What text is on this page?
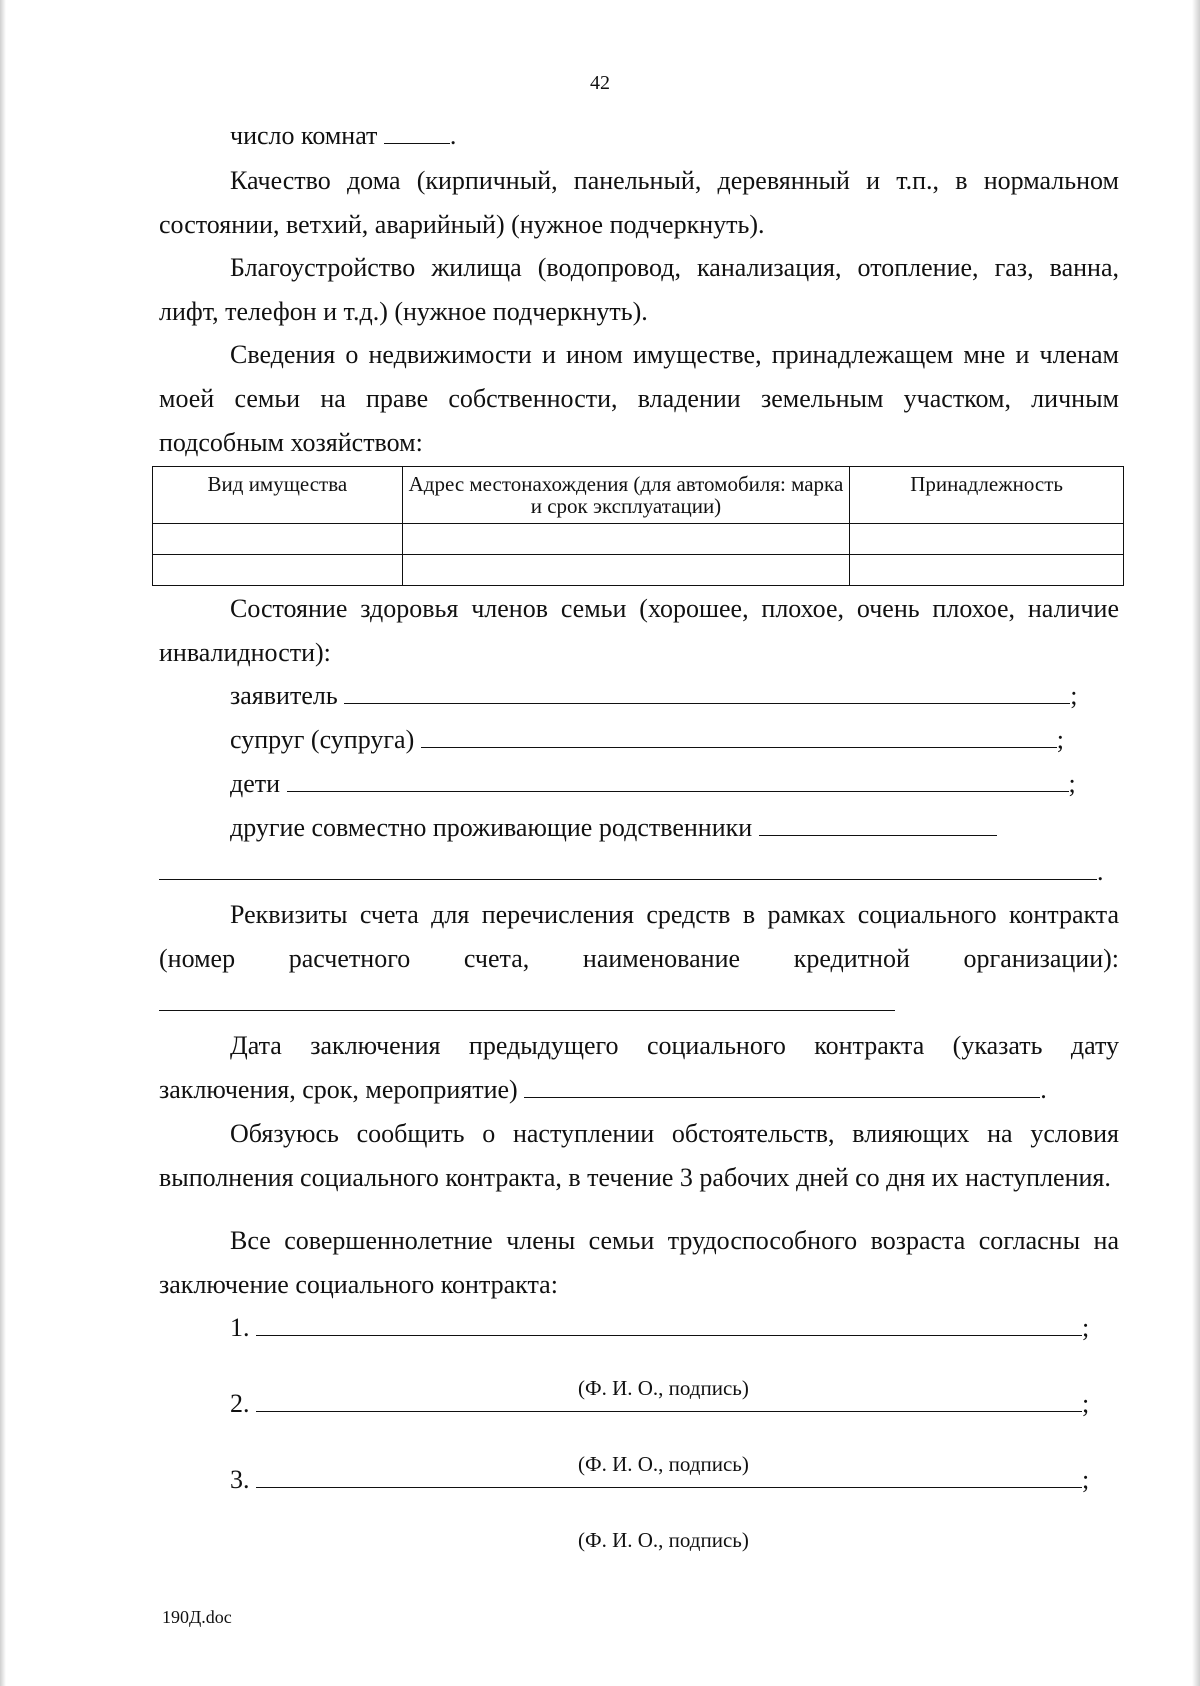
42
число комнат	.

Качество дома (кирпичный, панельный, деревянный и т.п., в нормальном состоянии, ветхий, аварийный) (нужное подчеркнуть).

Благоустройство жилища (водопровод, канализация, отопление, газ, ванна, лифт, телефон и т.д.) (нужное подчеркнуть).

Сведения о недвижимости и ином имуществе, принадлежащем мне и членам моей семьи на праве собственности, владении земельным участком, личным подсобным хозяйством:

Вид имущества	Адрес местонахождения (для автомобиля: марка и срок эксплуатации)	Принадлежность

Состояние здоровья членов семьи (хорошее, плохое, очень плохое, наличие инвалидности):

заявитель	;
супруг (супруга)	;
дети	;
другие совместно проживающие родственники
.

Реквизиты счета для перечисления средств в рамках социального контракта (номер расчетного счета, наименование кредитной организации):

Дата заключения предыдущего социального контракта (указать дату заключения, срок, мероприятие)	.

Обязуюсь сообщить о наступлении обстоятельств, влияющих на условия выполнения социального контракта, в течение 3 рабочих дней со дня их наступления.

Все совершеннолетние члены семьи трудоспособного возраста согласны на заключение социального контракта:

1.	;
(Ф. И. О., подпись)
2.	;
(Ф. И. О., подпись)
3.	;
(Ф. И. О., подпись)
190Д.doc
